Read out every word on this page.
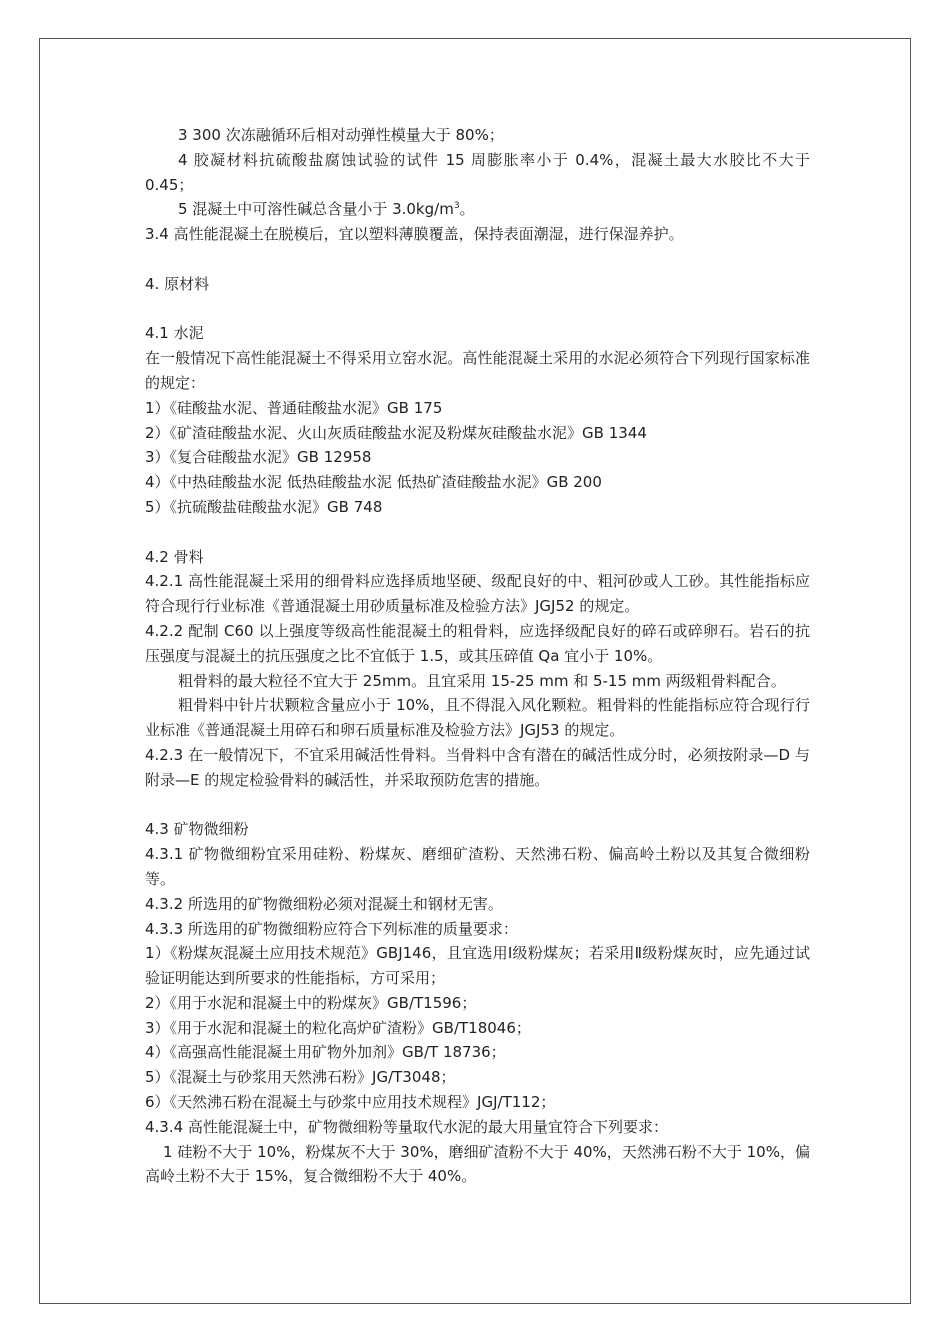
3 300 次冻融循环后相对动弹性模量大于 80%；

4 胶凝材料抗硫酸盐腐蚀试验的试件 15 周膨胀率小于 0.4%，混凝土最大水胶比不大于 0.45；

5 混凝土中可溶性碱总含量小于 $3.0kg/m^3$。

3.4 高性能混凝土在脱模后，宜以塑料薄膜覆盖，保持表面潮湿，进行保湿养护。

4. 原材料

4.1 水泥

在一般情况下高性能混凝土不得采用立窑水泥。高性能混凝土采用的水泥必须符合下列现行国家标准的规定：

1）《硅酸盐水泥、普通硅酸盐水泥》GB 175

2）《矿渣硅酸盐水泥、火山灰质硅酸盐水泥及粉煤灰硅酸盐水泥》GB 1344

3）《复合硅酸盐水泥》GB 12958

4）《中热硅酸盐水泥 低热硅酸盐水泥 低热矿渣硅酸盐水泥》GB 200

5）《抗硫酸盐硅酸盐水泥》GB 748

4.2 骨料

4.2.1 高性能混凝土采用的细骨料应选择质地坚硬、级配良好的中、粗河砂或人工砂。其性能指标应符合现行行业标准《普通混凝土用砂质量标准及检验方法》JGJ52 的规定。

4.2.2 配制 C60 以上强度等级高性能混凝土的粗骨料，应选择级配良好的碎石或碎卵石。岩石的抗压强度与混凝土的抗压强度之比不宜低于 1.5，或其压碎值 Qa 宜小于 10%。

粗骨料的最大粒径不宜大于 25mm。且宜采用 15-25 mm 和 5-15 mm 两级粗骨料配合。

粗骨料中针片状颗粒含量应小于 10%，且不得混入风化颗粒。粗骨料的性能指标应符合现行行业标准《普通混凝土用碎石和卵石质量标准及检验方法》JGJ53 的规定。

4.2.3 在一般情况下，不宜采用碱活性骨料。当骨料中含有潜在的碱活性成分时，必须按附录—D 与附录—E 的规定检验骨料的碱活性，并采取预防危害的措施。

4.3 矿物微细粉

4.3.1 矿物微细粉宜采用硅粉、粉煤灰、磨细矿渣粉、天然沸石粉、偏高岭土粉以及其复合微细粉等。

4.3.2 所选用的矿物微细粉必须对混凝土和钢材无害。

4.3.3 所选用的矿物微细粉应符合下列标准的质量要求：

1）《粉煤灰混凝土应用技术规范》GBJ146，且宜选用Ⅰ级粉煤灰；若采用Ⅱ级粉煤灰时，应先通过试验证明能达到所要求的性能指标，方可采用；

2）《用于水泥和混凝土中的粉煤灰》GB/T1596；

3）《用于水泥和混凝土的粒化高炉矿渣粉》GB/T18046；

4）《高强高性能混凝土用矿物外加剂》GB/T 18736；

5）《混凝土与砂浆用天然沸石粉》JG/T3048；

6）《天然沸石粉在混凝土与砂浆中应用技术规程》JGJ/T112；

4.3.4 高性能混凝土中，矿物微细粉等量取代水泥的最大用量宜符合下列要求：

1 硅粉不大于 10%，粉煤灰不大于 30%，磨细矿渣粉不大于 40%，天然沸石粉不大于 10%，偏高岭土粉不大于 15%，复合微细粉不大于 40%。
